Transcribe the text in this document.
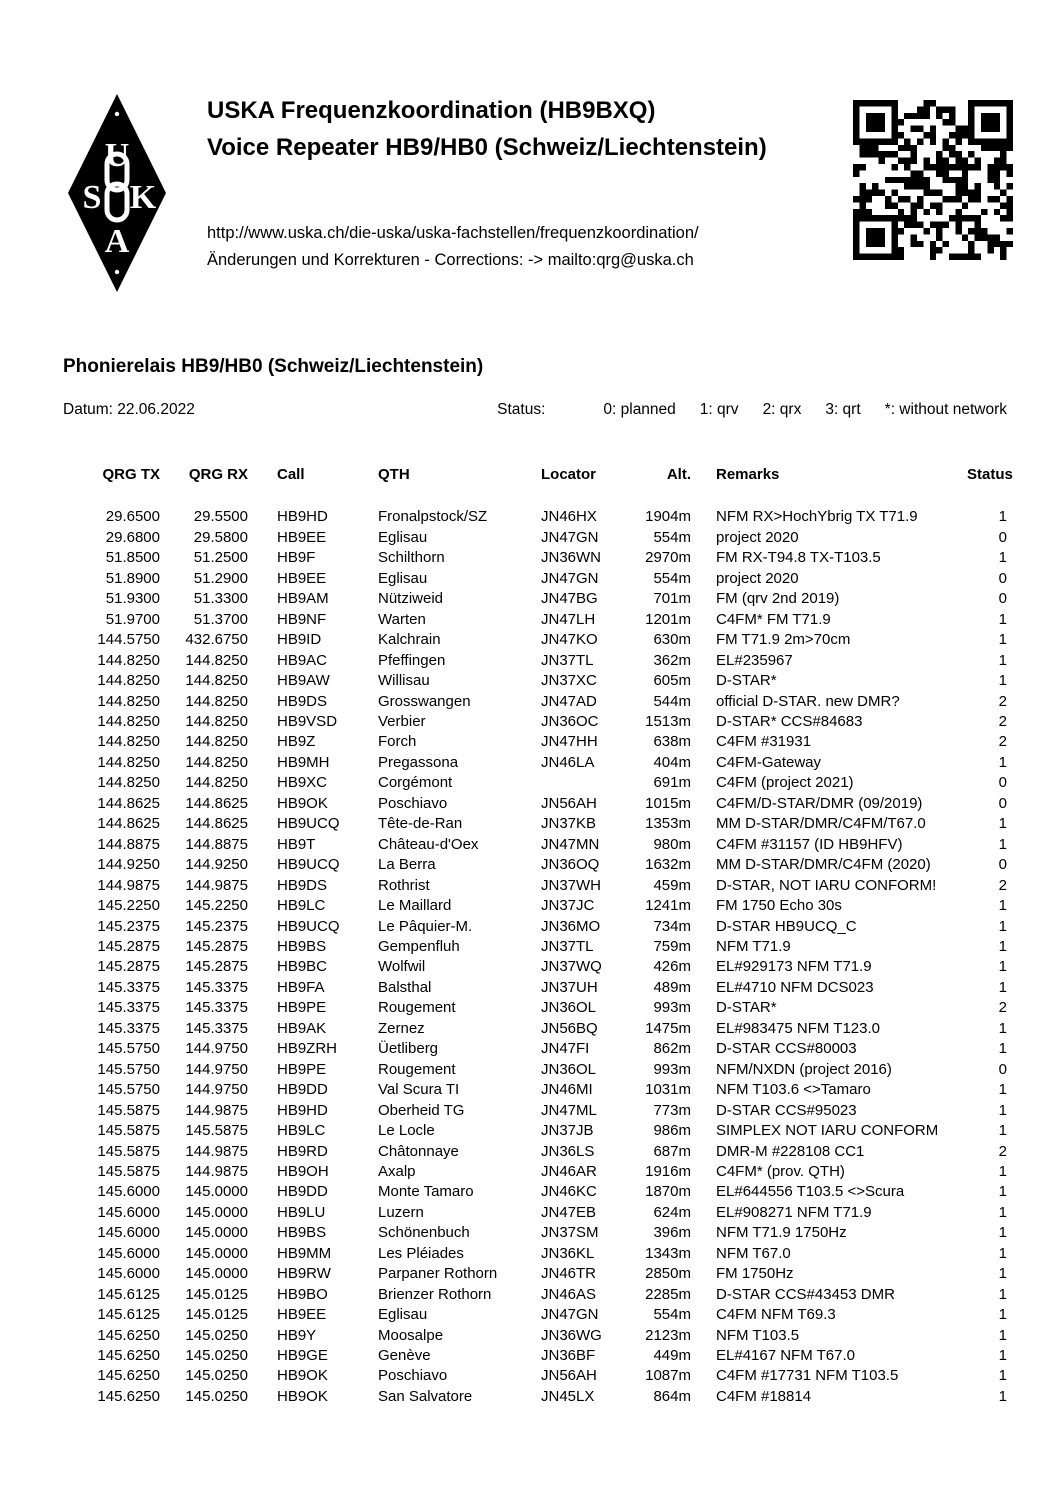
U
S K
A
USKA Frequenzkoordination (HB9BXQ)
Voice Repeater HB9/HB0 (Schweiz/Liechtenstein)
http://www.uska.ch/die-uska/uska-fachstellen/frequenzkoordination/
Änderungen und Korrekturen - Corrections: -> mailto:qrg@uska.ch
Phonierelais HB9/HB0 (Schweiz/Liechtenstein)
Datum: 22.06.2022	Status:	0: planned 1: qrv 2: qrx 3: qrt *: without network
QRG TX	QRG RX	Call	QTH	Locator	Alt.	Remarks	Status
29.6500	29.5500	HB9HD	Fronalpstock/SZ	JN46HX	1904m	NFM RX>HochYbrig TX T71.9	1
29.6800	29.5800	HB9EE	Eglisau	JN47GN	554m	project 2020	0
51.8500	51.2500	HB9F	Schilthorn	JN36WN	2970m	FM RX-T94.8 TX-T103.5	1
51.8900	51.2900	HB9EE	Eglisau	JN47GN	554m	project 2020	0
51.9300	51.3300	HB9AM	Nütziweid	JN47BG	701m	FM (qrv 2nd 2019)	0
51.9700	51.3700	HB9NF	Warten	JN47LH	1201m	C4FM* FM T71.9	1
144.5750	432.6750	HB9ID	Kalchrain	JN47KO	630m	FM T71.9 2m>70cm	1
144.8250	144.8250	HB9AC	Pfeffingen	JN37TL	362m	EL#235967	1
144.8250	144.8250	HB9AW	Willisau	JN37XC	605m	D-STAR*	1
144.8250	144.8250	HB9DS	Grosswangen	JN47AD	544m	official D-STAR. new DMR?	2
144.8250	144.8250	HB9VSD	Verbier	JN36OC	1513m	D-STAR* CCS#84683	2
144.8250	144.8250	HB9Z	Forch	JN47HH	638m	C4FM #31931	2
144.8250	144.8250	HB9MH	Pregassona	JN46LA	404m	C4FM-Gateway	1
144.8250	144.8250	HB9XC	Corgémont		691m	C4FM (project 2021)	0
144.8625	144.8625	HB9OK	Poschiavo	JN56AH	1015m	C4FM/D-STAR/DMR (09/2019)	0
144.8625	144.8625	HB9UCQ	Tête-de-Ran	JN37KB	1353m	MM D-STAR/DMR/C4FM/T67.0	1
144.8875	144.8875	HB9T	Château-d'Oex	JN47MN	980m	C4FM #31157 (ID HB9HFV)	1
144.9250	144.9250	HB9UCQ	La Berra	JN36OQ	1632m	MM D-STAR/DMR/C4FM (2020)	0
144.9875	144.9875	HB9DS	Rothrist	JN37WH	459m	D-STAR, NOT IARU CONFORM!	2
145.2250	145.2250	HB9LC	Le Maillard	JN37JC	1241m	FM 1750 Echo 30s	1
145.2375	145.2375	HB9UCQ	Le Pâquier-M.	JN36MO	734m	D-STAR HB9UCQ_C	1
145.2875	145.2875	HB9BS	Gempenfluh	JN37TL	759m	NFM T71.9	1
145.2875	145.2875	HB9BC	Wolfwil	JN37WQ	426m	EL#929173 NFM T71.9	1
145.3375	145.3375	HB9FA	Balsthal	JN37UH	489m	EL#4710 NFM DCS023	1
145.3375	145.3375	HB9PE	Rougement	JN36OL	993m	D-STAR*	2
145.3375	145.3375	HB9AK	Zernez	JN56BQ	1475m	EL#983475 NFM T123.0	1
145.5750	144.9750	HB9ZRH	Üetliberg	JN47FI	862m	D-STAR CCS#80003	1
145.5750	144.9750	HB9PE	Rougement	JN36OL	993m	NFM/NXDN (project 2016)	0
145.5750	144.9750	HB9DD	Val Scura TI	JN46MI	1031m	NFM T103.6 <>Tamaro	1
145.5875	144.9875	HB9HD	Oberheid TG	JN47ML	773m	D-STAR CCS#95023	1
145.5875	145.5875	HB9LC	Le Locle	JN37JB	986m	SIMPLEX NOT IARU CONFORM	1
145.5875	144.9875	HB9RD	Châtonnaye	JN36LS	687m	DMR-M #228108 CC1	2
145.5875	144.9875	HB9OH	Axalp	JN46AR	1916m	C4FM* (prov. QTH)	1
145.6000	145.0000	HB9DD	Monte Tamaro	JN46KC	1870m	EL#644556 T103.5 <>Scura	1
145.6000	145.0000	HB9LU	Luzern	JN47EB	624m	EL#908271 NFM T71.9	1
145.6000	145.0000	HB9BS	Schönenbuch	JN37SM	396m	NFM T71.9 1750Hz	1
145.6000	145.0000	HB9MM	Les Pléiades	JN36KL	1343m	NFM T67.0	1
145.6000	145.0000	HB9RW	Parpaner Rothorn	JN46TR	2850m	FM 1750Hz	1
145.6125	145.0125	HB9BO	Brienzer Rothorn	JN46AS	2285m	D-STAR CCS#43453 DMR	1
145.6125	145.0125	HB9EE	Eglisau	JN47GN	554m	C4FM NFM T69.3	1
145.6250	145.0250	HB9Y	Moosalpe	JN36WG	2123m	NFM T103.5	1
145.6250	145.0250	HB9GE	Genève	JN36BF	449m	EL#4167 NFM T67.0	1
145.6250	145.0250	HB9OK	Poschiavo	JN56AH	1087m	C4FM #17731 NFM T103.5	1
145.6250	145.0250	HB9OK	San Salvatore	JN45LX	864m	C4FM #18814	1
